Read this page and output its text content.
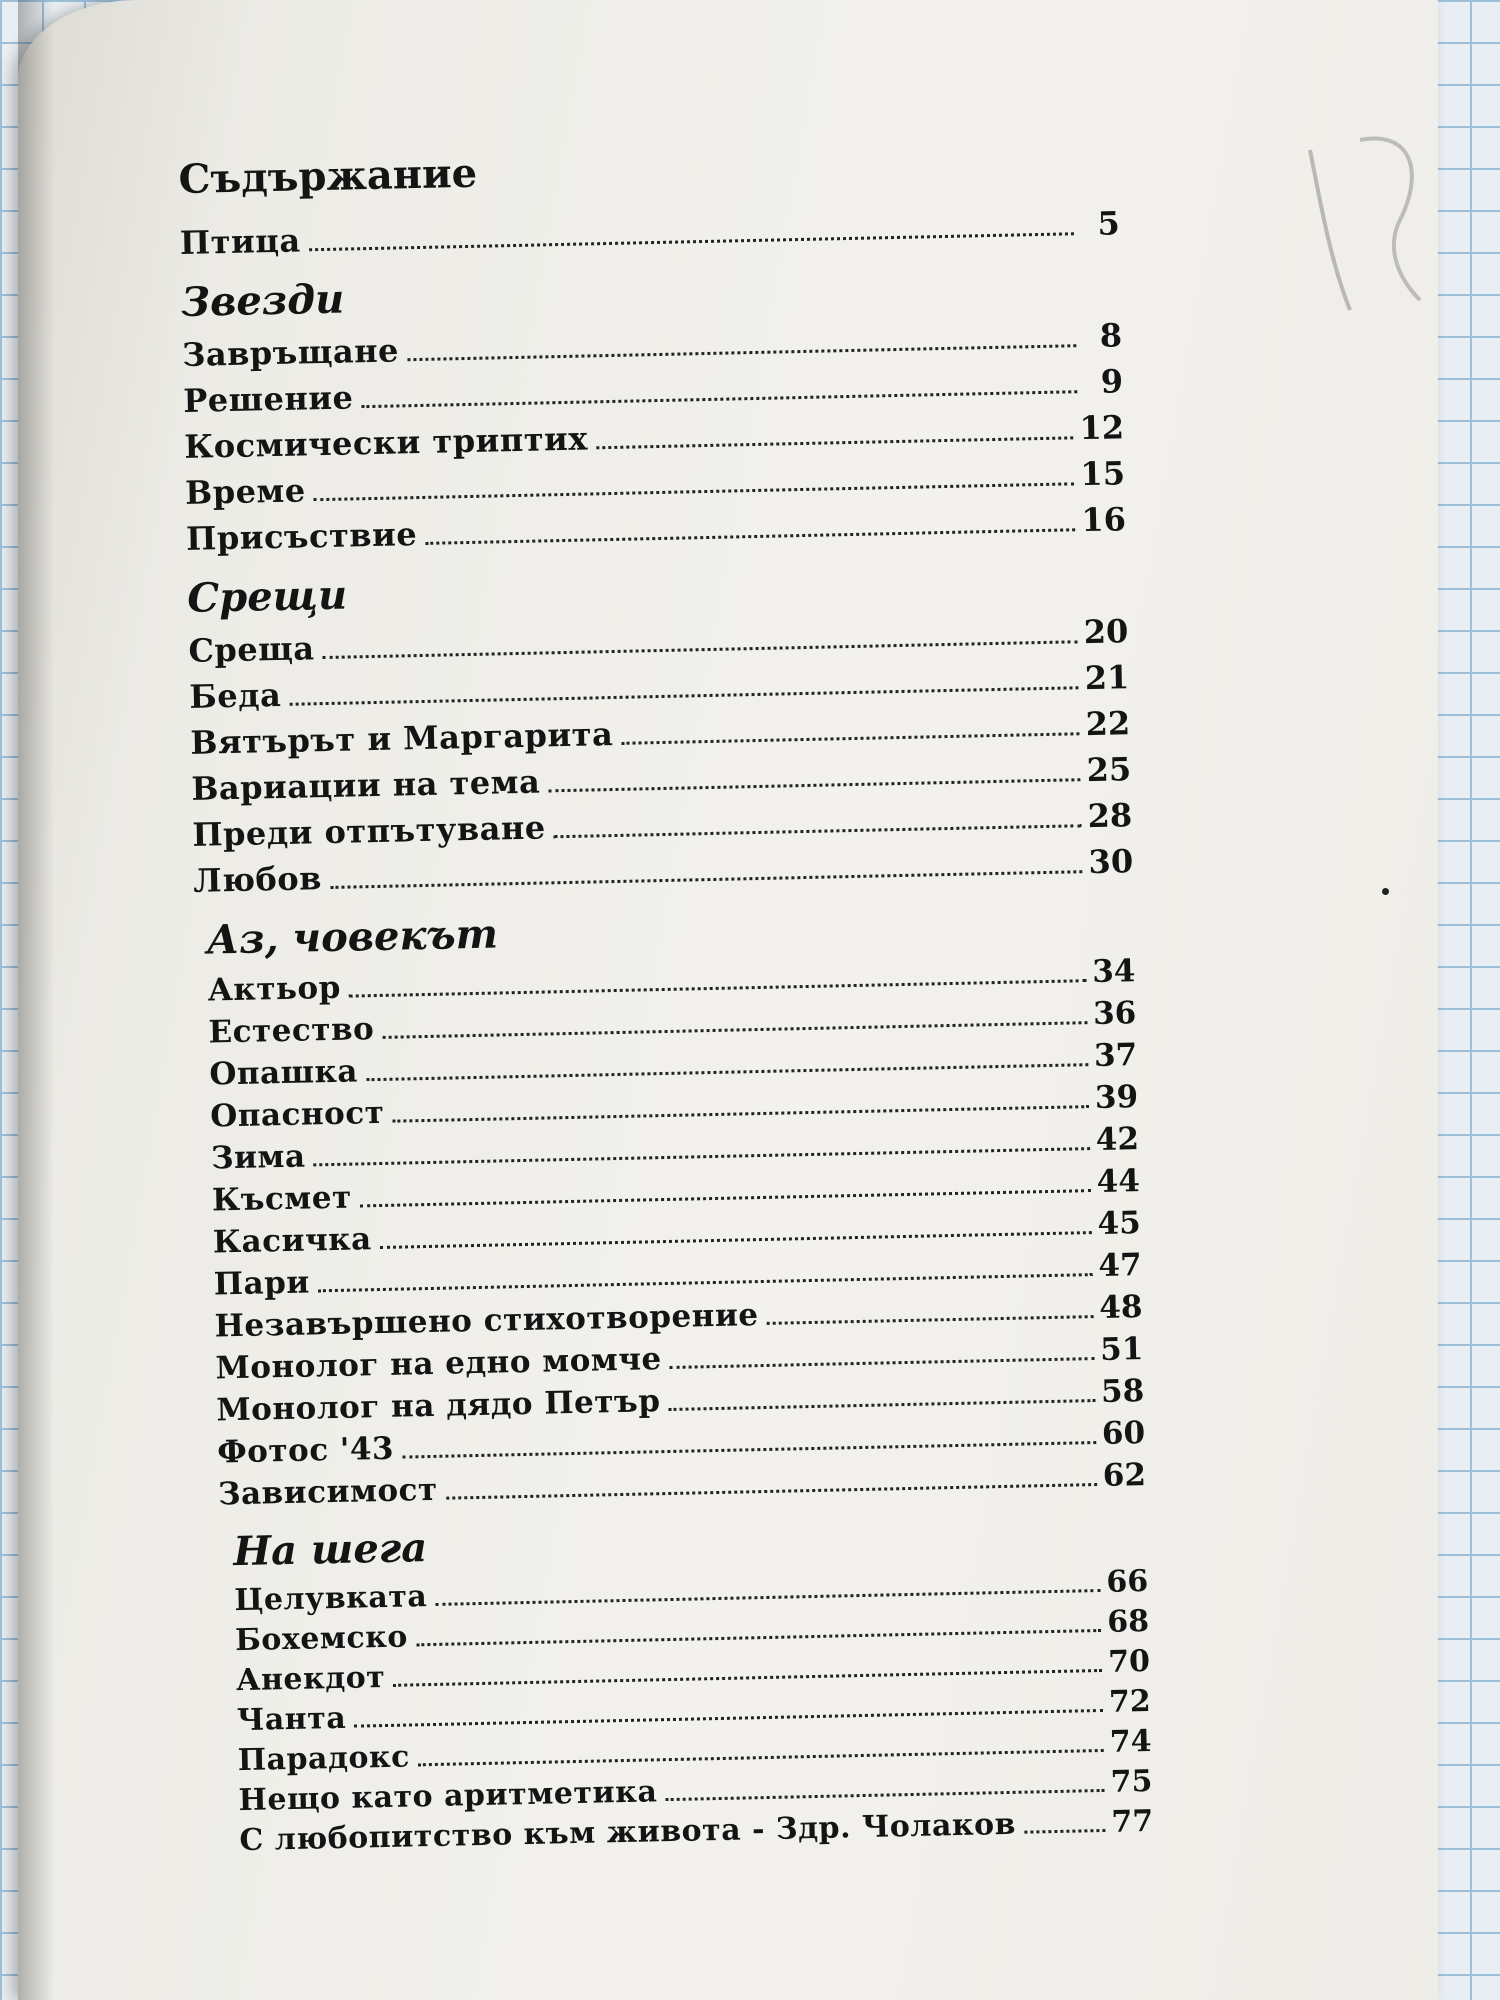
Съдържание
Птица	5
Звезди
Завръщане	8
Решение	9
Космически триптих	12
Време	15
Присъствие	16
Срещи
Среща	20
Беда	21
Вятърът и Маргарита	22
Вариации на тема	25
Преди отпътуване	28
Любов	30
Аз, човекът
Актьор	34
Естество	36
Опашка	37
Опасност	39
Зима	42
Късмет	44
Касичка	45
Пари	47
Незавършено стихотворение	48
Монолог на едно момче	51
Монолог на дядо Петър	58
Фотос '43	60
Зависимост	62
На шега
Целувката	66
Бохемско	68
Анекдот	70
Чанта	72
Парадокс	74
Нещо като аритметика	75
С любопитство към живота - Здр. Чолаков	77
